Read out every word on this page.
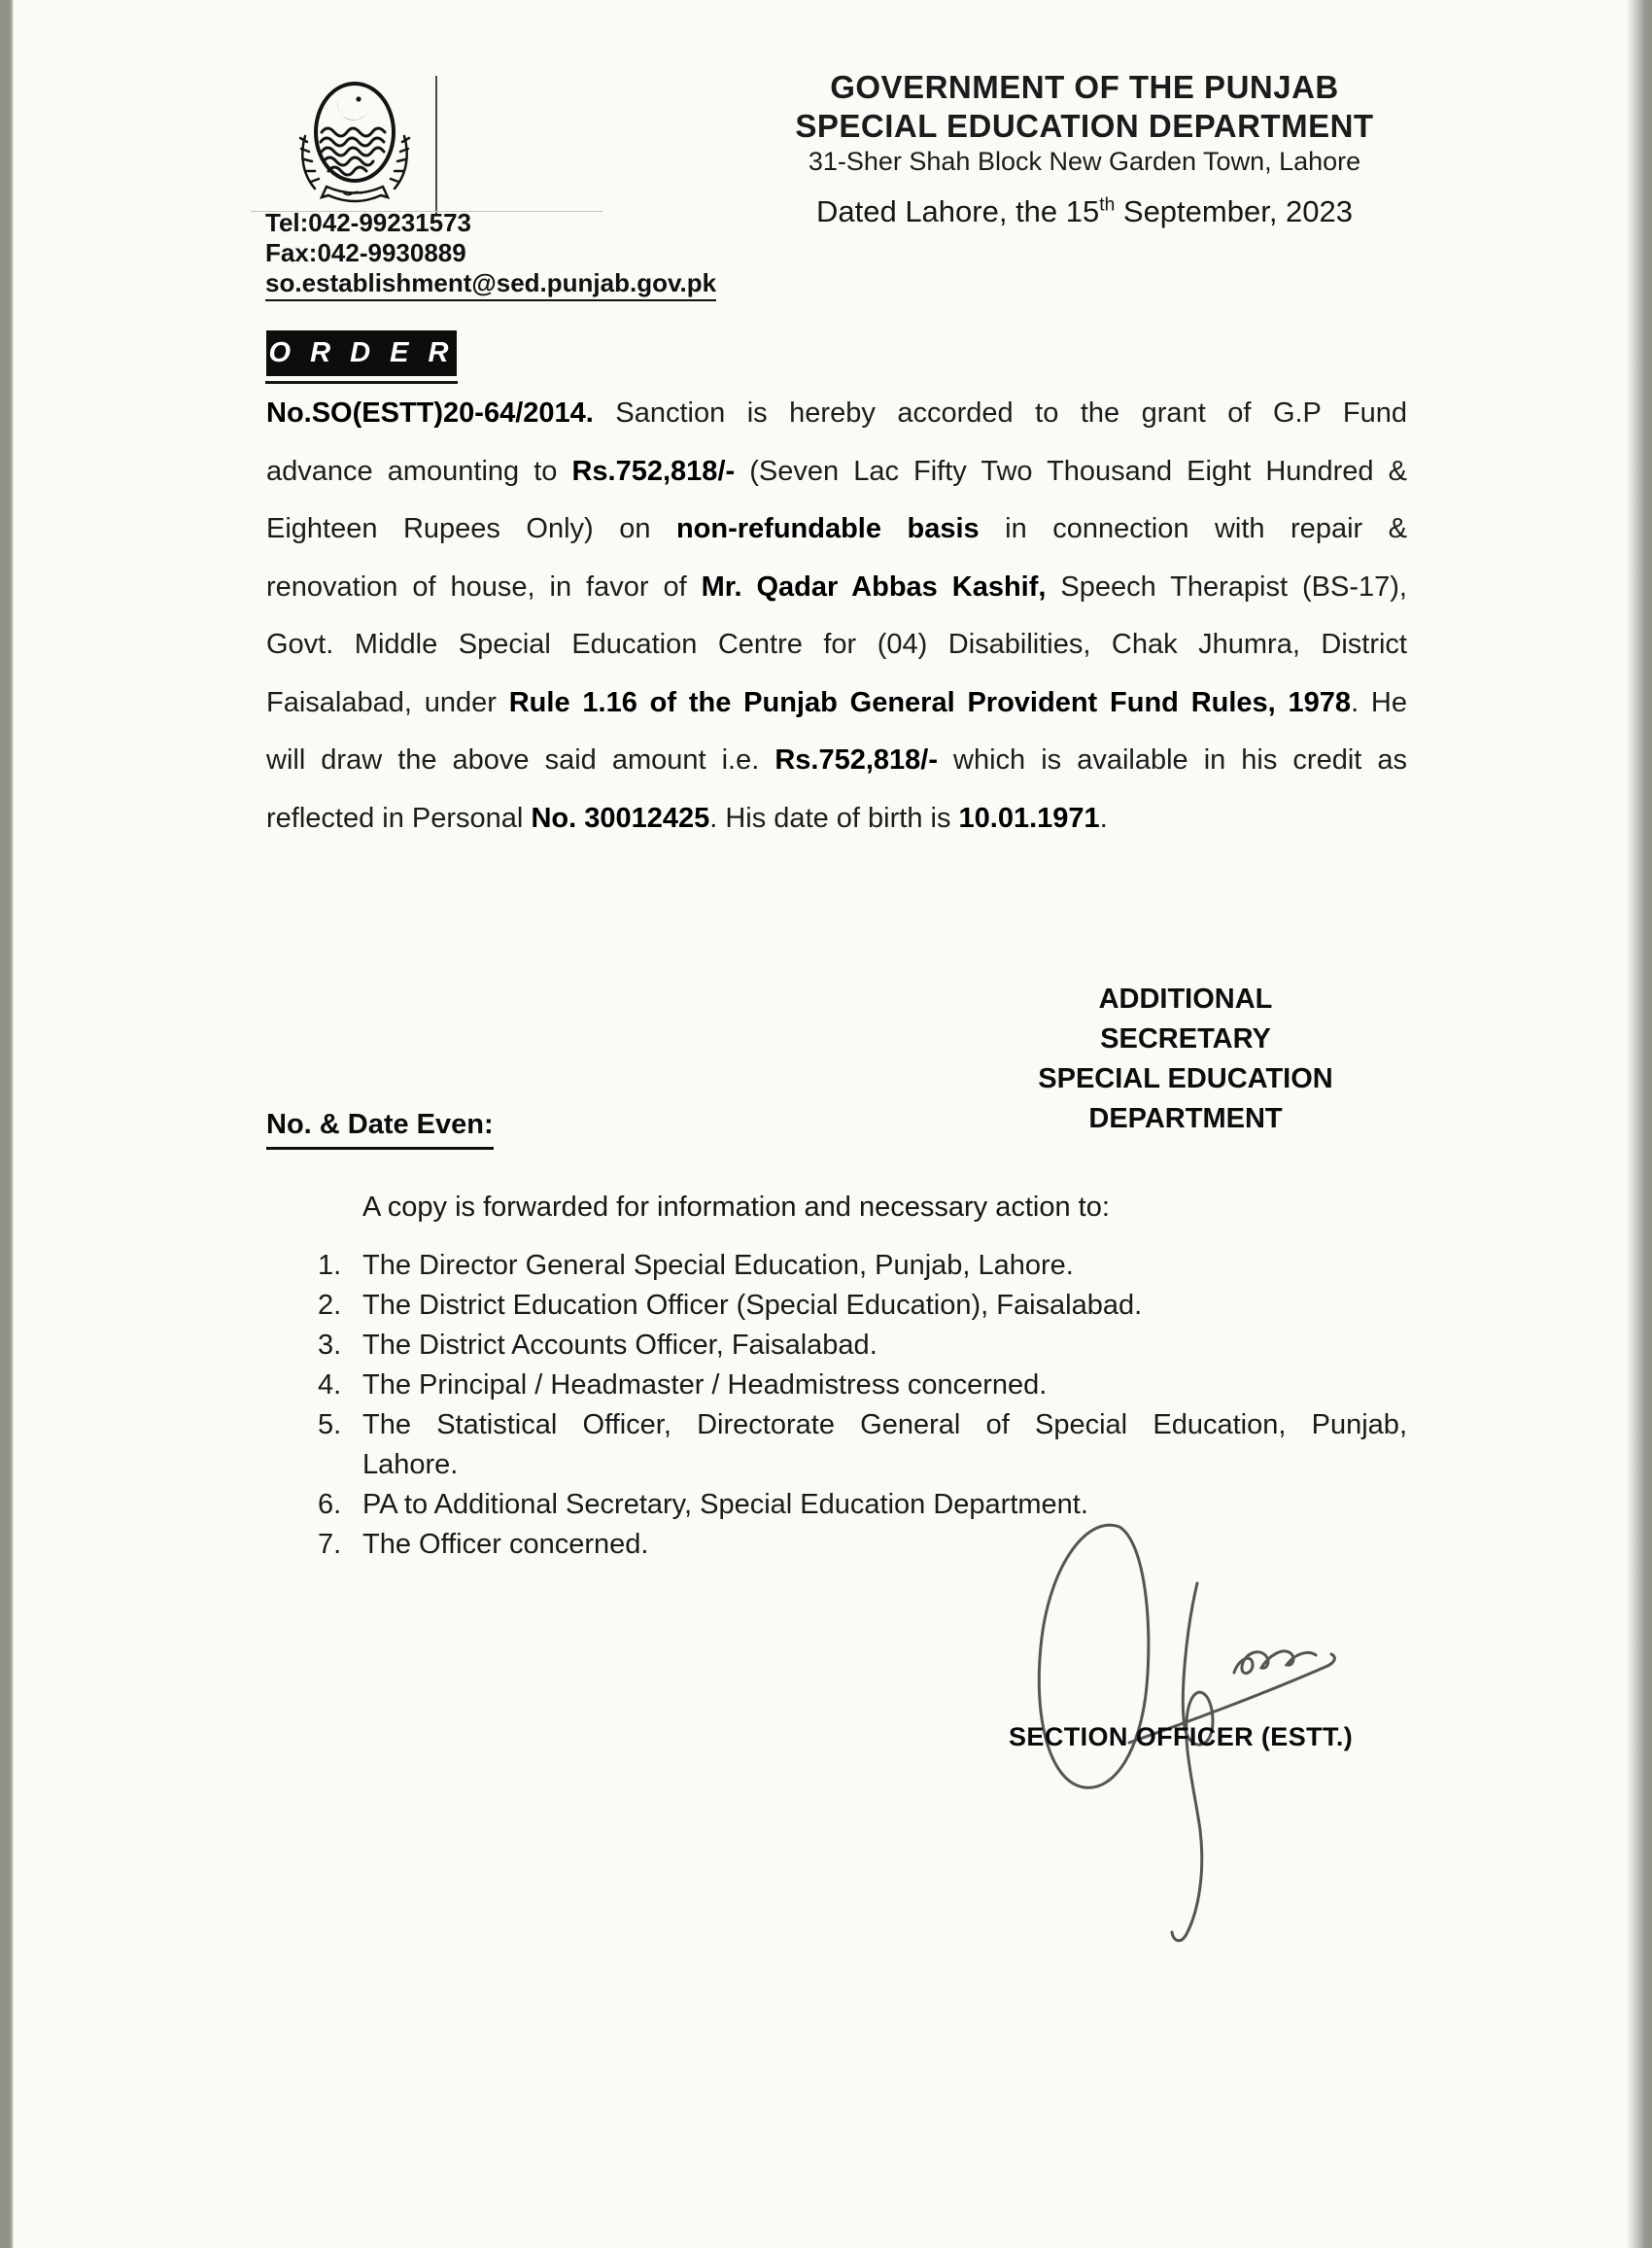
GOVERNMENT OF THE PUNJAB
SPECIAL EDUCATION DEPARTMENT
31-Sher Shah Block New Garden Town, Lahore
Dated Lahore, the 15th September, 2023
Tel:042-99231573
Fax:042-9930889
so.establishment@sed.punjab.gov.pk
O R D E R
No.SO(ESTT)20-64/2014. Sanction is hereby accorded to the grant of G.P Fund
advance amounting to Rs.752,818/- (Seven Lac Fifty Two Thousand Eight Hundred &
Eighteen Rupees Only) on non-refundable basis in connection with repair &
renovation of house, in favor of Mr. Qadar Abbas Kashif, Speech Therapist (BS-17),
Govt. Middle Special Education Centre for (04) Disabilities, Chak Jhumra, District
Faisalabad, under Rule 1.16 of the Punjab General Provident Fund Rules, 1978. He
will draw the above said amount i.e. Rs.752,818/- which is available in his credit as
reflected in Personal No. 30012425. His date of birth is 10.01.1971.
ADDITIONAL SECRETARY
SPECIAL EDUCATION
DEPARTMENT
No. & Date Even:
A copy is forwarded for information and necessary action to:
1. The Director General Special Education, Punjab, Lahore.
2. The District Education Officer (Special Education), Faisalabad.
3. The District Accounts Officer, Faisalabad.
4. The Principal / Headmaster / Headmistress concerned.
5. The Statistical Officer, Directorate General of Special Education, Punjab,
Lahore.
6. PA to Additional Secretary, Special Education Department.
7. The Officer concerned.
SECTION OFFICER (ESTT.)
